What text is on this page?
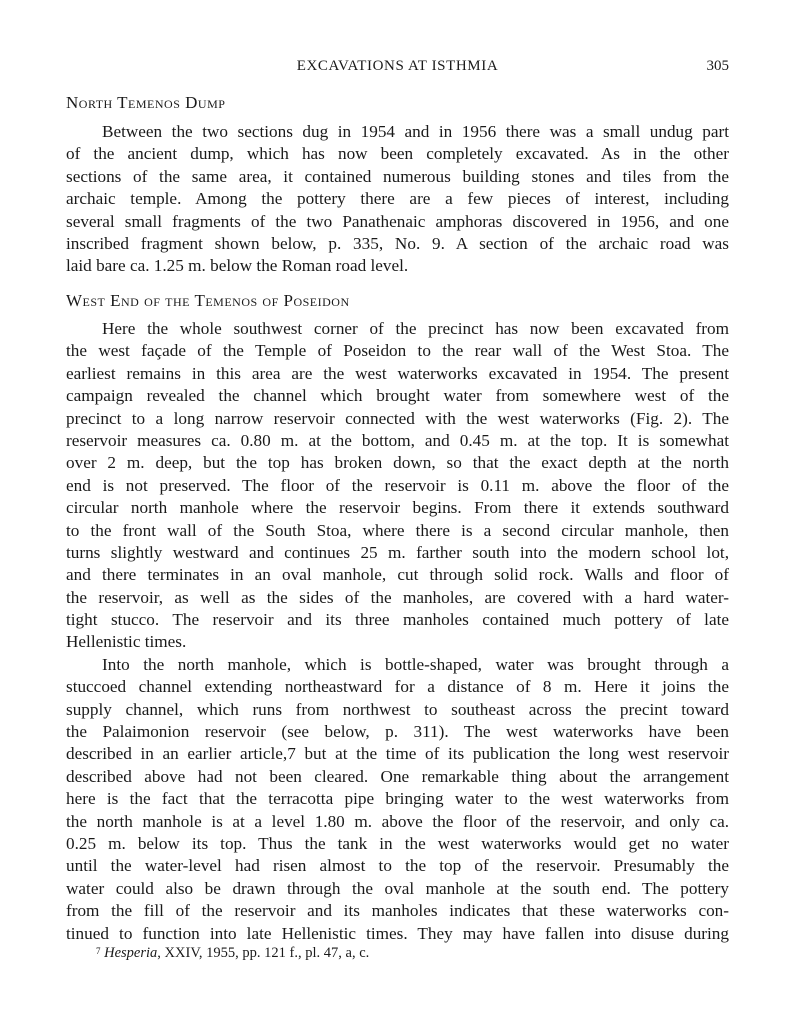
EXCAVATIONS AT ISTHMIA	305
North Temenos Dump
Between the two sections dug in 1954 and in 1956 there was a small undug part
of the ancient dump, which has now been completely excavated. As in the other
sections of the same area, it contained numerous building stones and tiles from the
archaic temple. Among the pottery there are a few pieces of interest, including
several small fragments of the two Panathenaic amphoras discovered in 1956, and one
inscribed fragment shown below, p. 335, No. 9. A section of the archaic road was
laid bare ca. 1.25 m. below the Roman road level.
West End of the Temenos of Poseidon
Here the whole southwest corner of the precinct has now been excavated from
the west façade of the Temple of Poseidon to the rear wall of the West Stoa. The
earliest remains in this area are the west waterworks excavated in 1954. The present
campaign revealed the channel which brought water from somewhere west of the
precinct to a long narrow reservoir connected with the west waterworks (Fig. 2). The
reservoir measures ca. 0.80 m. at the bottom, and 0.45 m. at the top. It is somewhat
over 2 m. deep, but the top has broken down, so that the exact depth at the north
end is not preserved. The floor of the reservoir is 0.11 m. above the floor of the
circular north manhole where the reservoir begins. From there it extends southward
to the front wall of the South Stoa, where there is a second circular manhole, then
turns slightly westward and continues 25 m. farther south into the modern school lot,
and there terminates in an oval manhole, cut through solid rock. Walls and floor of
the reservoir, as well as the sides of the manholes, are covered with a hard water-
tight stucco. The reservoir and its three manholes contained much pottery of late
Hellenistic times.
Into the north manhole, which is bottle-shaped, water was brought through a
stuccoed channel extending northeastward for a distance of 8 m. Here it joins the
supply channel, which runs from northwest to southeast across the precint toward
the Palaimonion reservoir (see below, p. 311). The west waterworks have been
described in an earlier article,7 but at the time of its publication the long west reservoir
described above had not been cleared. One remarkable thing about the arrangement
here is the fact that the terracotta pipe bringing water to the west waterworks from
the north manhole is at a level 1.80 m. above the floor of the reservoir, and only ca.
0.25 m. below its top. Thus the tank in the west waterworks would get no water
until the water-level had risen almost to the top of the reservoir. Presumably the
water could also be drawn through the oval manhole at the south end. The pottery
from the fill of the reservoir and its manholes indicates that these waterworks con-
tinued to function into late Hellenistic times. They may have fallen into disuse during
$^7$ Hesperia, XXIV, 1955, pp. 121 f., pl. 47, a, c.
